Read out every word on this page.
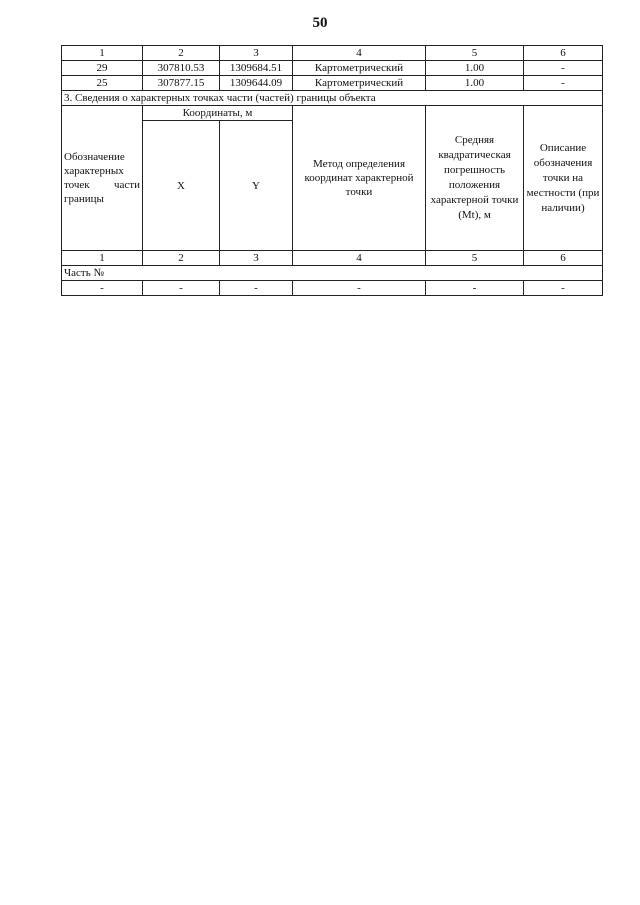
50
1	2	3	4	5	6
29	307810.53	1309684.51	Картометрический	1.00	-
25	307877.15	1309644.09	Картометрический	1.00	-
3. Сведения о характерных точках части (частей) границы объекта					
Обозначение характерных точек части границы	Координаты, м		Метод определения координат характерной точки	Средняя квадратическая погрешность положения характерной точки (Mt), м	Описание обозначения точки на местности (при наличии)
	X	Y			
1	2	3	4	5	6
Часть №					
-	-	-	-	-	-
